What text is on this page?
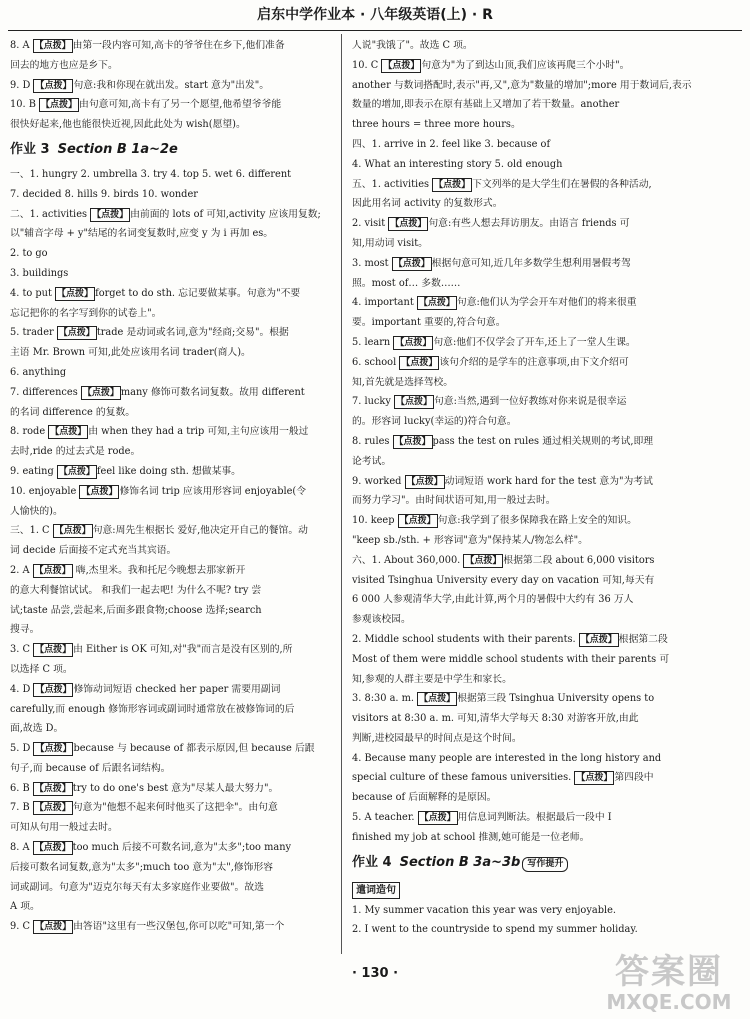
启东中学作业本 · 八年级英语(上) · R
8. A 【点拨】 由第一段内容可知,高卡的爷爷住在乡下,他们准备
回去的地方也应是乡下。
9. D 【点拨】 句意:我和你现在就出发。start 意为"出发"。
10. B 【点拨】 由句意可知,高卡有了另一个愿望,他希望爷爷能
很快好起来,他也能很快近视,因此此处为 wish(愿望)。
作业 3 Section B 1a~2e
一、1. hungry 2. umbrella 3. try 4. top 5. wet 6. different
7. decided 8. hills 9. birds 10. wonder
二、1. activities 【点拨】 由前面的 lots of 可知,activity 应该用复数;
以"辅音字母 + y"结尾的名词变复数时,应变 y 为 i 再加 es。
2. to go
3. buildings
4. to put 【点拨】 forget to do sth. 忘记要做某事。句意为"不要
忘记把你的名字写到你的试卷上"。
5. trader 【点拨】 trade 是动词或名词,意为"经商;交易"。根据
主语 Mr. Brown 可知,此处应该用名词 trader(商人)。
6. anything
7. differences 【点拨】 many 修饰可数名词复数。故用 different
的名词 difference 的复数。
8. rode 【点拨】 由 when they had a trip 可知,主句应该用一般过
去时,ride 的过去式是 rode。
9. eating 【点拨】 feel like doing sth. 想做某事。
10. enjoyable 【点拨】 修饰名词 trip 应该用形容词 enjoyable(令
人愉快的)。
三、1. C 【点拨】 句意:周先生根据长 爱好,他决定开自己的餐馆。动
词 decide 后面接不定式充当其宾语。
2. A 【点拨】 嗨,杰里米。我和托尼今晚想去那家新开
的意大利餐馆试试。 和我们一起去吧! 为什么不呢? try 尝
试;taste 品尝,尝起来,后面多跟食物;choose 选择;search
搜寻。
3. C 【点拨】 由 Either is OK 可知,对"我"而言是没有区别的,所
以选择 C 项。
4. D 【点拨】 修饰动词短语 checked her paper 需要用副词
carefully,而 enough 修饰形容词或副词时通常放在被修饰词的后
面,故选 D。
5. D 【点拨】 because 与 because of 都表示原因,但 because 后跟
句子,而 because of 后跟名词结构。
6. B 【点拨】 try to do one's best 意为"尽某人最大努力"。
7. B 【点拨】 句意为"他想不起来何时他买了这把伞"。由句意
可知从句用一般过去时。
8. A 【点拨】 too much 后接不可数名词,意为"太多";too many
后接可数名词复数,意为"太多";much too 意为"太",修饰形容
词或副词。句意为"迈克尔每天有太多家庭作业要做"。故选
A 项。
9. C 【点拨】 由答语"这里有一些汉堡包,你可以吃"可知,第一个
人说"我饿了"。故选 C 项。
10. C 【点拨】 句意为"为了到达山顶,我们应该再爬三个小时"。
another 与数词搭配时,表示"再,又",意为"数量的增加";more 用于数词后,表示
数量的增加,即表示在原有基础上又增加了若干数量。another
three hours = three more hours。
四、1. arrive in 2. feel like 3. because of
4. What an interesting story 5. old enough
五、1. activities 【点拨】 下文列举的是大学生们在暑假的各种活动,
因此用名词 activity 的复数形式。
2. visit 【点拨】 句意:有些人想去拜访朋友。由语言 friends 可
知,用动词 visit。
3. most 【点拨】 根据句意可知,近几年多数学生想利用暑假考驾
照。most of… 多数……
4. important 【点拨】 句意:他们认为学会开车对他们的将来很重
要。important 重要的,符合句意。
5. learn 【点拨】 句意:他们不仅学会了开车,还上了一堂人生课。
6. school 【点拨】 该句介绍的是学车的注意事项,由下文介绍可
知,首先就是选择驾校。
7. lucky 【点拨】 句意:当然,遇到一位好教练对你来说是很幸运
的。形容词 lucky(幸运的)符合句意。
8. rules 【点拨】 pass the test on rules 通过相关规则的考试,即理
论考试。
9. worked 【点拨】 动词短语 work hard for the test 意为"为考试
而努力学习"。由时间状语可知,用一般过去时。
10. keep 【点拨】 句意:我学到了很多保障我在路上安全的知识。
"keep sb./sth. + 形容词"意为"保持某人/物怎么样"。
六、1. About 360,000. 【点拨】 根据第二段 about 6,000 visitors
visited Tsinghua University every day on vacation 可知,每天有
6 000 人参观清华大学,由此计算,两个月的暑假中大约有 36 万人
参观该校园。
2. Middle school students with their parents. 【点拨】 根据第二段
Most of them were middle school students with their parents 可
知,参观的人群主要是中学生和家长。
3. 8:30 a. m. 【点拨】 根据第三段 Tsinghua University opens to
visitors at 8:30 a. m. 可知,清华大学每天 8:30 对游客开放,由此
判断,进校园最早的时间点是这个时间。
4. Because many people are interested in the long history and
special culture of these famous universities. 【点拨】 第四段中
because of 后面解释的是原因。
5. A teacher. 【点拨】 用信息词判断法。根据最后一段中 I
finished my job at school 推测,她可能是一位老师。
作业 4 Section B 3a~3b 写作提升
遣词造句
1. My summer vacation this year was very enjoyable.
2. I went to the countryside to spend my summer holiday.
· 130 ·	答案圈
MXQE.COM
